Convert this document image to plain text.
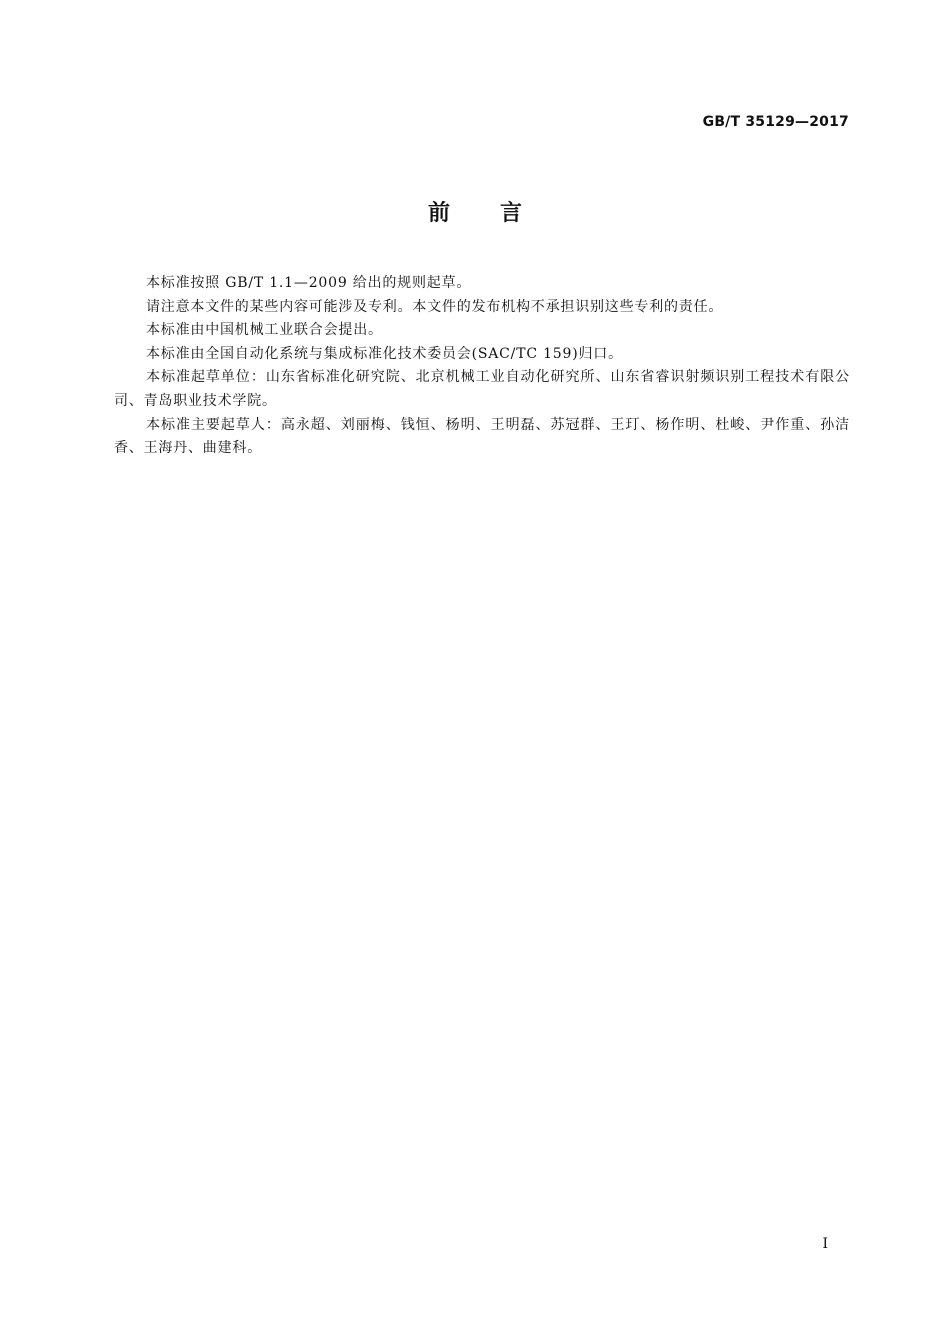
GB/T 35129—2017
前言

本标准按照 GB/T 1.1—2009 给出的规则起草。

请注意本文件的某些内容可能涉及专利。本文件的发布机构不承担识别这些专利的责任。

本标准由中国机械工业联合会提出。

本标准由全国自动化系统与集成标准化技术委员会(SAC/TC 159)归口。

本标准起草单位：山东省标准化研究院、北京机械工业自动化研究所、山东省睿识射频识别工程技术有限公司、青岛职业技术学院。

本标准主要起草人：高永超、刘丽梅、钱恒、杨明、王明磊、苏冠群、王玎、杨作明、杜峻、尹作重、孙洁香、王海丹、曲建科。

I
